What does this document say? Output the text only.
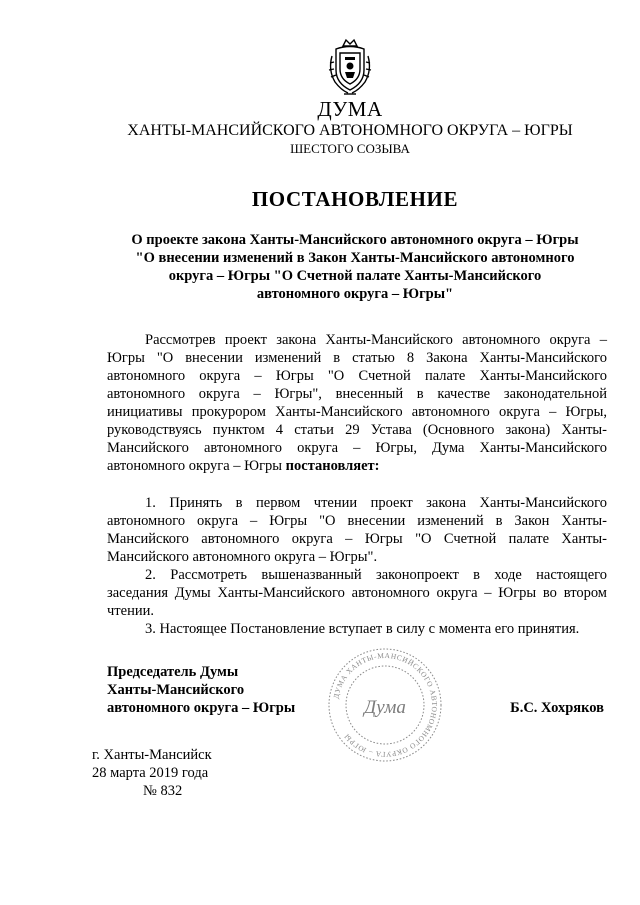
ДУМА
ХАНТЫ-МАНСИЙСКОГО АВТОНОМНОГО ОКРУГА – ЮГРЫ
ШЕСТОГО СОЗЫВА
ПОСТАНОВЛЕНИЕ
О проекте закона Ханты-Мансийского автономного округа – Югры
"О внесении изменений в Закон Ханты-Мансийского автономного
округа – Югры "О Счетной палате Ханты-Мансийского
автономного округа – Югры"

Рассмотрев проект закона Ханты-Мансийского автономного округа – Югры "О внесении изменений в статью 8 Закона Ханты-Мансийского автономного округа – Югры "О Счетной палате Ханты-Мансийского автономного округа – Югры", внесенный в качестве законодательной инициативы прокурором Ханты-Мансийского автономного округа – Югры, руководствуясь пунктом 4 статьи 29 Устава (Основного закона) Ханты-Мансийского автономного округа – Югры, Дума Ханты-Мансийского автономного округа – Югры постановляет:

1. Принять в первом чтении проект закона Ханты-Мансийского автономного округа – Югры "О внесении изменений в Закон Ханты-Мансийского автономного округа – Югры "О Счетной палате Ханты-Мансийского автономного округа – Югры".

2. Рассмотреть вышеназванный законопроект в ходе настоящего заседания Думы Ханты-Мансийского автономного округа – Югры во втором чтении.

3. Настоящее Постановление вступает в силу с момента его принятия.

Председатель Думы
Ханты-Мансийского
автономного округа – Югры
ДУМА ХАНТЫ-МАНСИЙСКОГО АВТОНОМНОГО ОКРУГА – ЮГРЫ
Дума	Б.С. Хохряков
г. Ханты-Мансийск
28 марта 2019 года
№ 832
